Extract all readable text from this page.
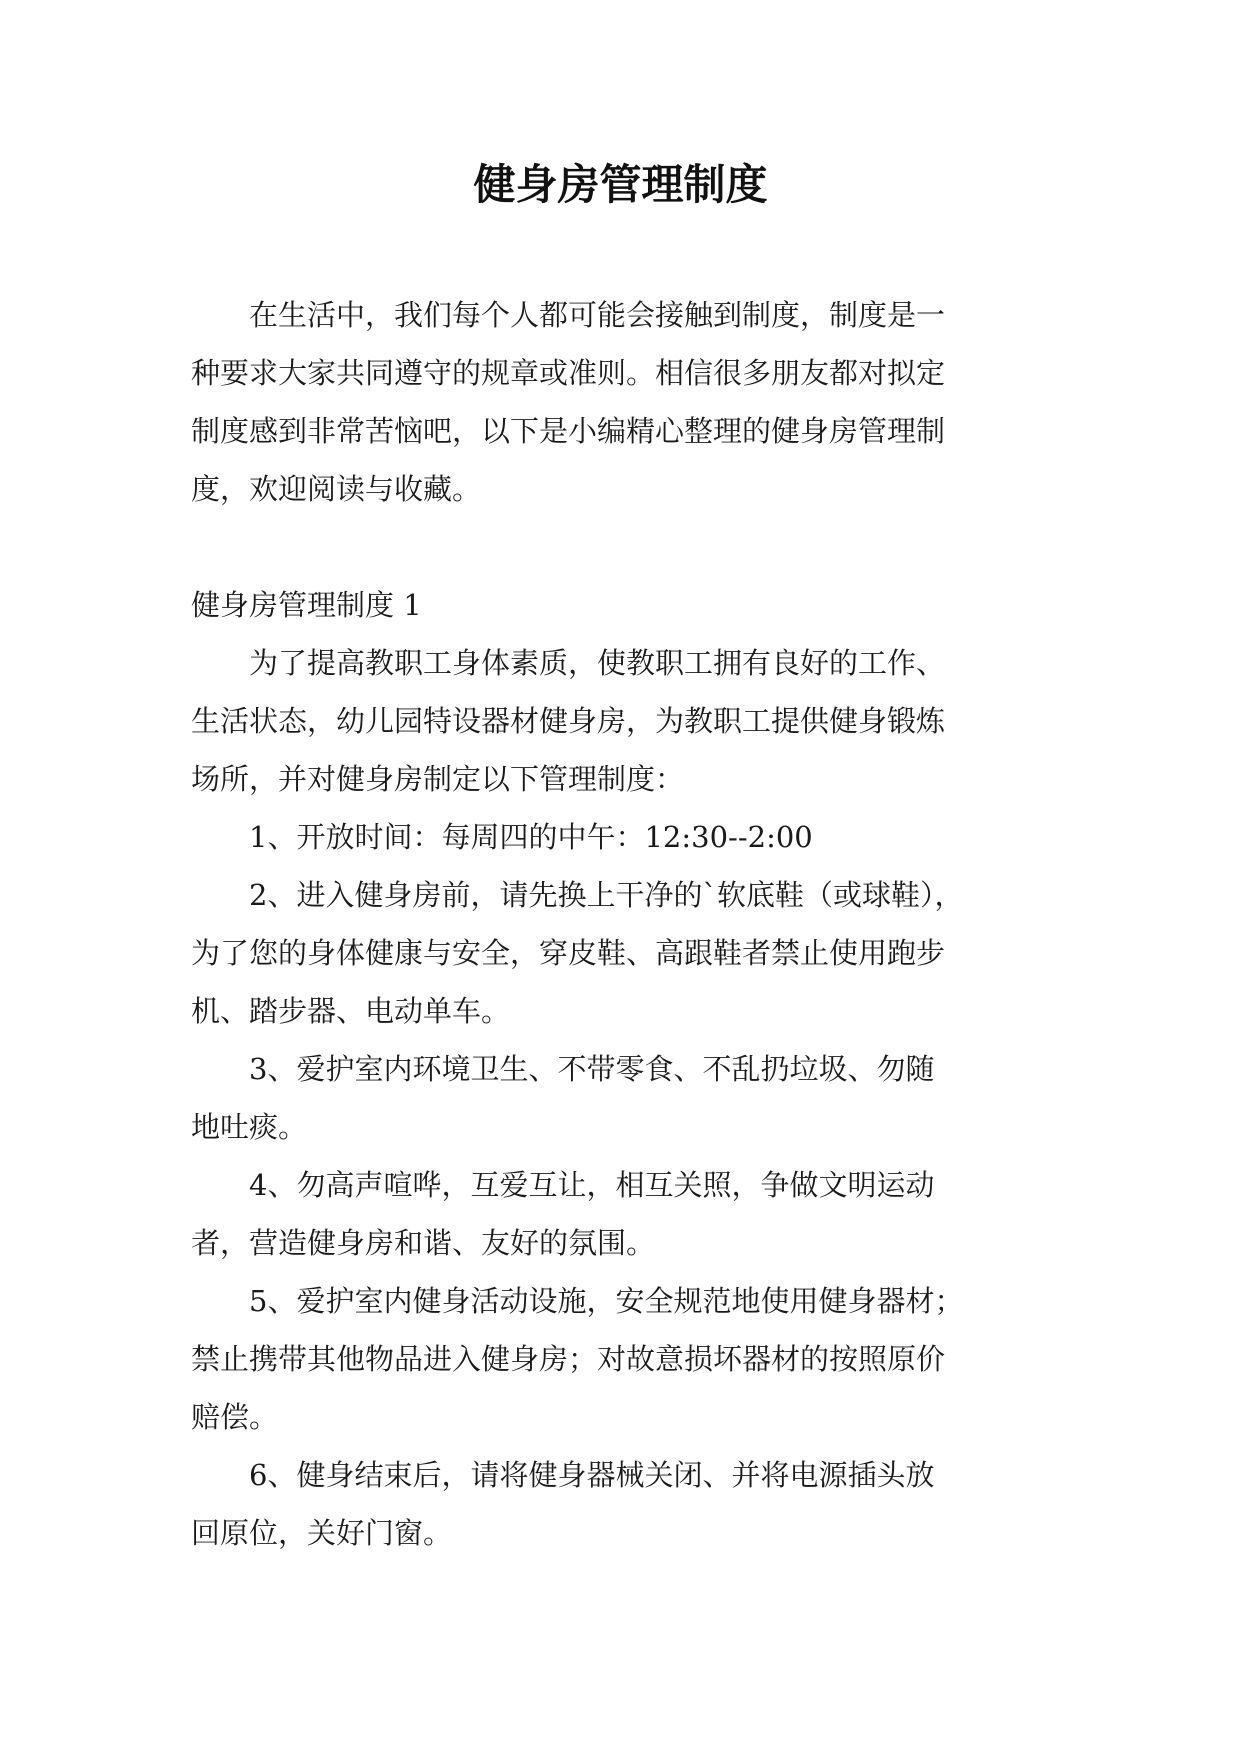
健身房管理制度
在生活中，我们每个人都可能会接触到制度，制度是一
种要求大家共同遵守的规章或准则。相信很多朋友都对拟定
制度感到非常苦恼吧，以下是小编精心整理的健身房管理制
度，欢迎阅读与收藏。
健身房管理制度 1
为了提高教职工身体素质，使教职工拥有良好的工作、
生活状态，幼儿园特设器材健身房，为教职工提供健身锻炼
场所，并对健身房制定以下管理制度：
1、开放时间：每周四的中午：12:30--2:00
2、进入健身房前，请先换上干净的`软底鞋（或球鞋），
为了您的身体健康与安全，穿皮鞋、高跟鞋者禁止使用跑步
机、踏步器、电动单车。
3、爱护室内环境卫生、不带零食、不乱扔垃圾、勿随
地吐痰。
4、勿高声喧哗，互爱互让，相互关照，争做文明运动
者，营造健身房和谐、友好的氛围。
5、爱护室内健身活动设施，安全规范地使用健身器材；
禁止携带其他物品进入健身房；对故意损坏器材的按照原价
赔偿。
6、健身结束后，请将健身器械关闭、并将电源插头放
回原位，关好门窗。
